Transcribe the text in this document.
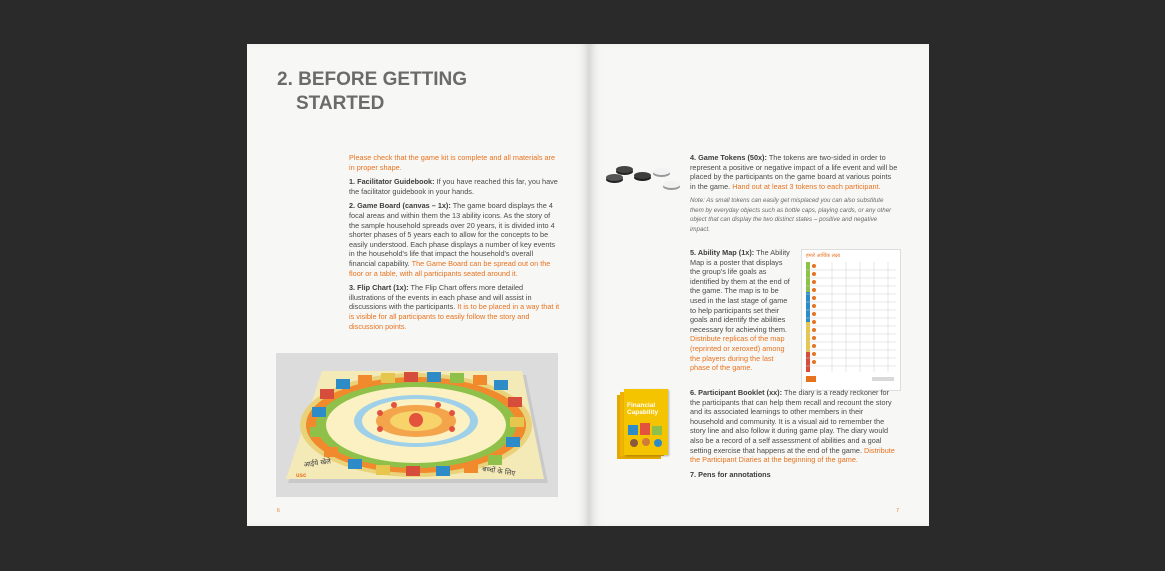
2. BEFORE GETTING
STARTED

Please check that the game kit is complete and all materials are in proper shape.

1. Facilitator Guidebook: If you have reached this far, you have the facilitator guidebook in your hands.

2. Game Board (canvas – 1x): The game board displays the 4 focal areas and within them the 13 ability icons. As the story of the sample household spreads over 20 years, it is divided into 4 shorter phases of 5 years each to allow for the concepts to be easily understood. Each phase displays a number of key events in the household's life that impact the household's overall financial capability. The Game Board can be spread out on the floor or a table, with all participants seated around it.

3. Flip Chart (1x): The Flip Chart offers more detailed illustrations of the events in each phase and will assist in discussions with the participants. It is to be placed in a way that it is visible for all participants to easily follow the story and discussion points.

आईये खेले
बच्चों के लिए
usc
6

4. Game Tokens (50x): The tokens are two-sided in order to represent a positive or negative impact of a life event and will be placed by the participants on the game board at various points in the game. Hand out at least 3 tokens to each participant.

Note: As small tokens can easily get misplaced you can also substitute them by everyday objects such as bottle caps, playing cards, or any other object that can display the two distinct states – positive and negative impact.

5. Ability Map (1x): The Ability Map is a poster that displays the group's life goals as identified by them at the end of the game. The map is to be used in the last stage of game to help participants set their goals and identify the abilities necessary for achieving them. Distribute replicas of the map (reprinted or xeroxed) among the players during the last phase of the game.

हमारे आर्थिक लक्ष्य
Financial Capability

6. Participant Booklet (xx): The diary is a ready reckoner for the participants that can help them recall and recount the story and its associated learnings to other members in their household and community. It is a visual aid to remember the story line and also follow it during game play. The diary would also be a record of a self assessment of abilities and a goal setting exercise that happens at the end of the game. Distribute the Participant Diaries at the beginning of the game.

7. Pens for annotations

7
